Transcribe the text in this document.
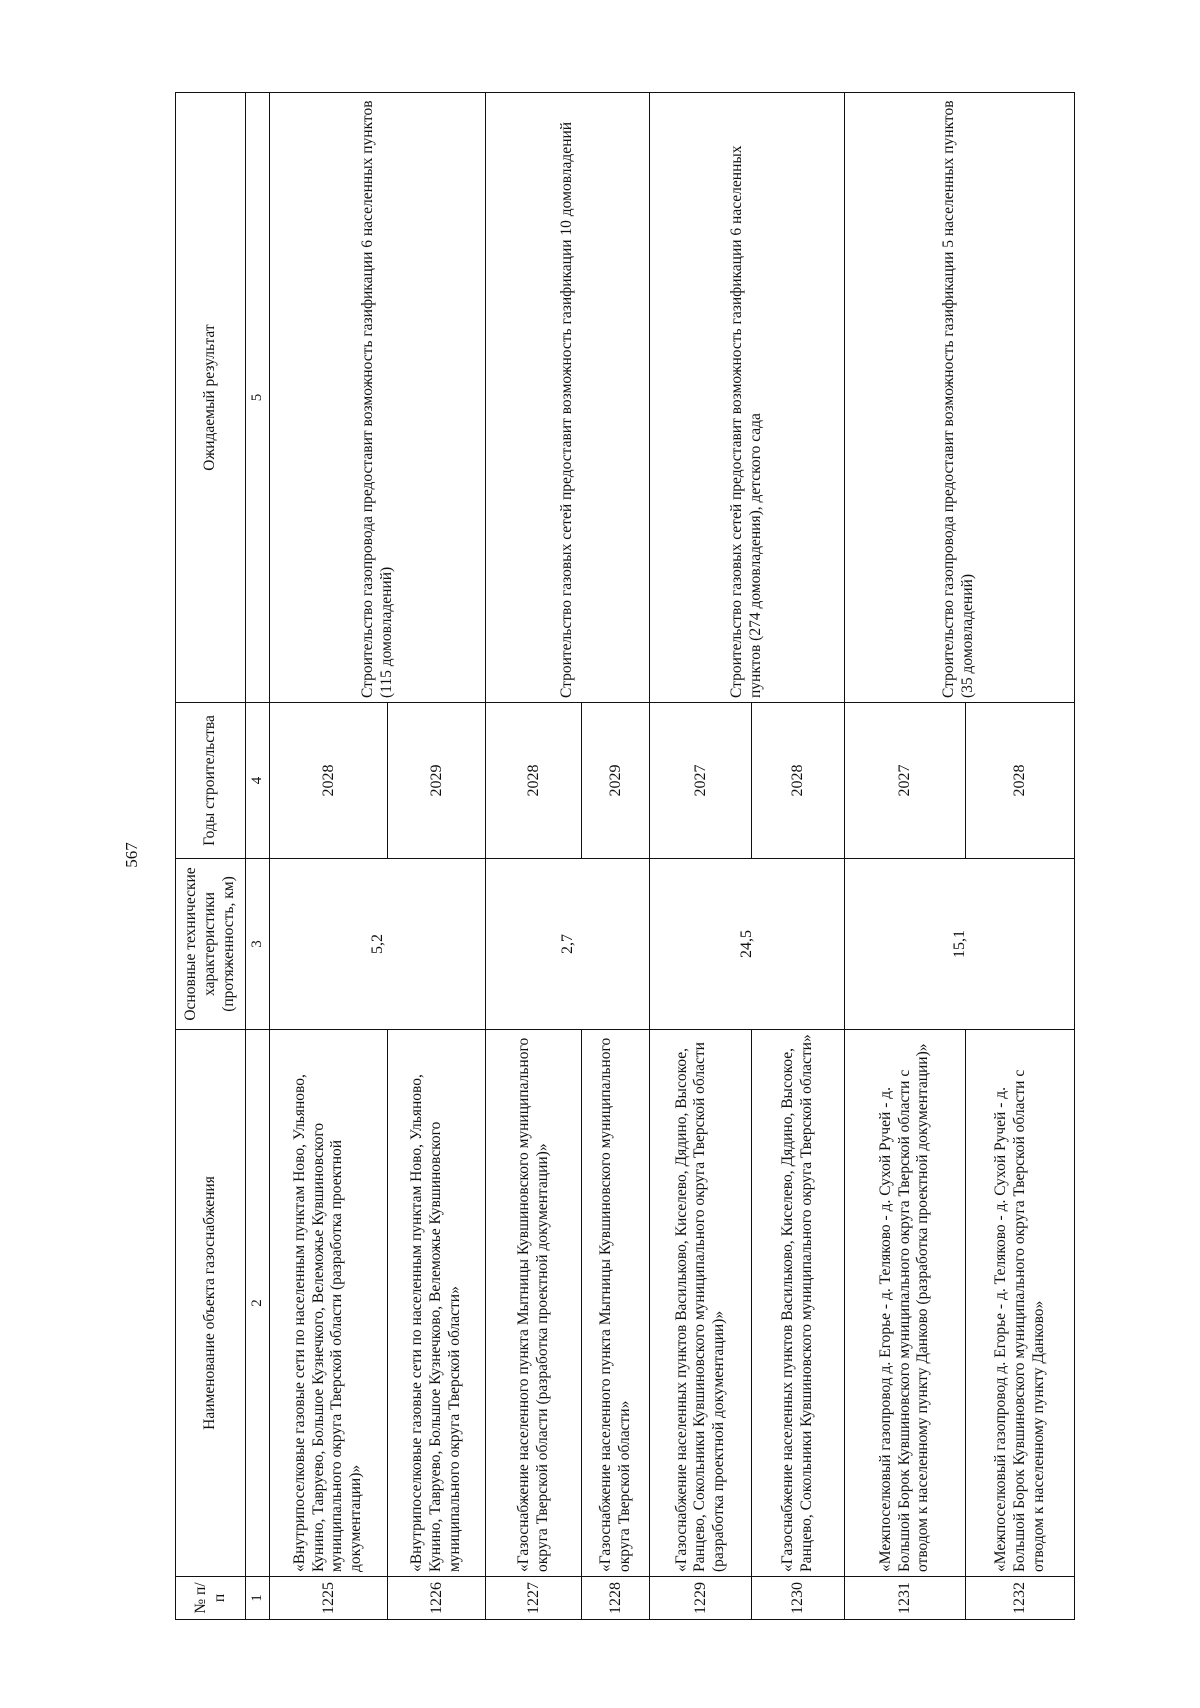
567
№ п/п	Наименование объекта газоснабжения	Основные технические характеристики (протяженность, км)	Годы строительства	Ожидаемый результат
1	2	3	4	5
1225	«Внутрипоселковые газовые сети по населенным пунктам Ново, Ульяново, Кунино, Тавруево, Большое Кузнечкого, Велеможье Кувшиновского муниципального округа Тверской области (разработка проектной документации)»	5,2	2028	Строительство газопровода предоставит возможность газификации 6 населенных пунктов (115 домовладений)
1226	«Внутрипоселковые газовые сети по населенным пунктам Ново, Ульяново, Кунино, Тавруево, Большое Кузнечково, Велеможье Кувшиновского муниципального округа Тверской области»		2029	
1227	«Газоснабжение населенного пункта Мытницы Кувшиновского муниципального округа Тверской области (разработка проектной документации)»	2,7	2028	Строительство газовых сетей предоставит возможность газификации 10 домовладений
1228	«Газоснабжение населенного пункта Мытницы Кувшиновского муниципального округа Тверской области»		2029	
1229	«Газоснабжение населенных пунктов Васильково, Киселево, Дядино, Высокое, Ранцево, Сокольники Кувшиновского муниципального округа Тверской области (разработка проектной документации)»	24,5	2027	Строительство газовых сетей предоставит возможность газификации 6 населенных пунктов (274 домовладения), детского сада
1230	«Газоснабжение населенных пунктов Васильково, Киселево, Дядино, Высокое, Ранцево, Сокольники Кувшиновского муниципального округа Тверской области»		2028	
1231	«Межпоселковый газопровод д. Егорье - д. Теляково - д. Сухой Ручей - д. Большой Борок Кувшиновского муниципального округа Тверской области с отводом к населенному пункту Данково (разработка проектной документации)»	15,1	2027	Строительство газопровода предоставит возможность газификации 5 населенных пунктов (35 домовладений)
1232	«Межпоселковый газопровод д. Егорье - д. Теляково - д. Сухой Ручей - д. Большой Борок Кувшиновского муниципального округа Тверской области с отводом к населенному пункту Данково»		2028	
